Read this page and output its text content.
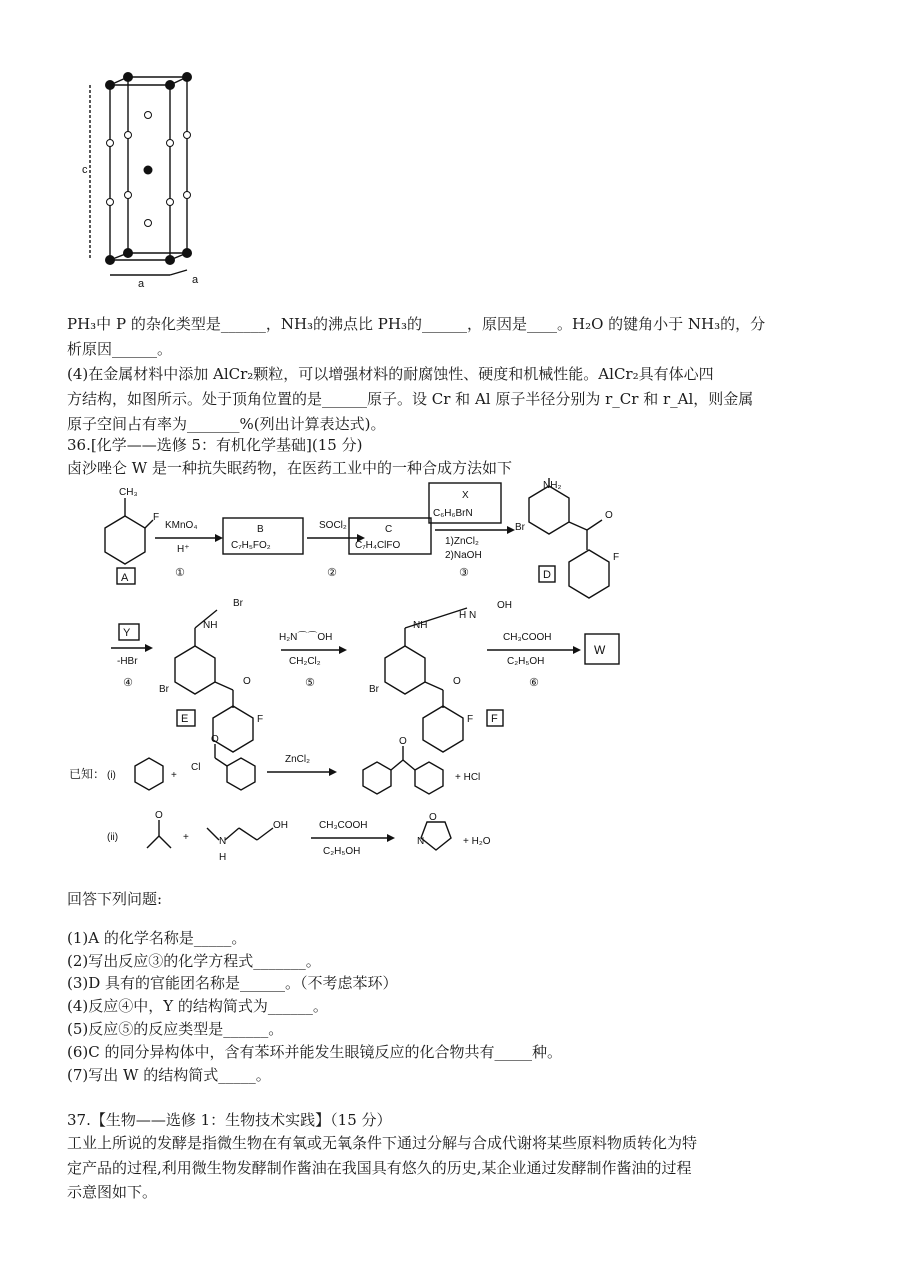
c
a	a
PH₃中 P 的杂化类型是______，NH₃的沸点比 PH₃的______，原因是____。H₂O 的键角小于 NH₃的，分
析原因______。
(4)在金属材料中添加 AlCr₂颗粒，可以增强材料的耐腐蚀性、硬度和机械性能。AlCr₂具有体心四
方结构，如图所示。处于顶角位置的是______原子。设 Cr 和 Al 原子半径分别为 r_Cr 和 r_Al，则金属
原子空间占有率为_______%(列出计算表达式)。
36.[化学——选修 5：有机化学基础](15 分)
卤沙唑仑 W 是一种抗失眠药物，在医药工业中的一种合成方法如下
CH₃
F
A
KMnO₄
H⁺
①
B
C₇H₅FO₂
SOCl₂
②
C
C₇H₄ClFO
X
C₆H₆BrN
1)ZnCl₂
2)NaOH
③
NH₂
Br
O
F
D
Y
-HBr
④
NH
Br
Br
O
F
E
H₂N⌒⌒OH
CH₂Cl₂
⑤
NH
H N
OH
Br
O
F F
CH₃COOH
C₂H₅OH
⑥
W
已知： (i)	+
Cl
O
ZnCl₂
O
+ HCl
(ii)
O
+	N
H
OH	CH₃COOH
C₂H₅OH
O
N	+ H₂O
回答下列问题:
(1)A 的化学名称是_____。
(2)写出反应③的化学方程式_______。
(3)D 具有的官能团名称是______。（不考虑苯环）
(4)反应④中，Y 的结构简式为______。
(5)反应⑤的反应类型是______。
(6)C 的同分异构体中，含有苯环并能发生眼镜反应的化合物共有_____种。
(7)写出 W 的结构简式_____。
37.【生物——选修 1：生物技术实践】（15 分）
工业上所说的发酵是指微生物在有氧或无氧条件下通过分解与合成代谢将某些原料物质转化为特
定产品的过程,利用微生物发酵制作酱油在我国具有悠久的历史,某企业通过发酵制作酱油的过程
示意图如下。
